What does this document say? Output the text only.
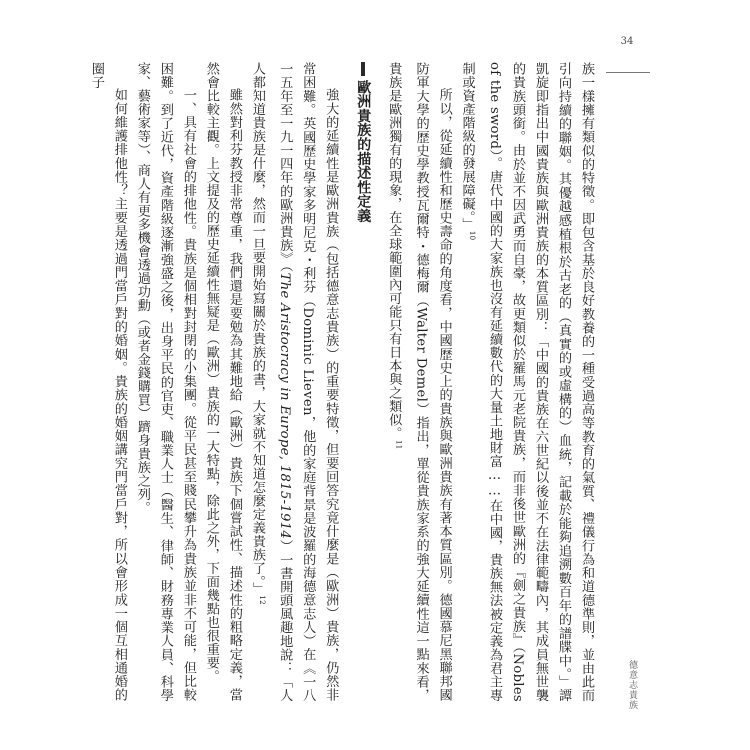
34
德意志貴族

族一樣擁有類似的特徵。即包含基於良好教養的一種受過高等教育的氣質、禮儀行為和道德準則，並由此而引向持續的聯姻。其優越感植根於古老的（真實的或虛構的）血統，記載於能夠追溯數百年的譜牒中。」譚凱旋即指出中國貴族與歐洲貴族的本質區別：「中國的貴族在六世紀以後並不在法律範疇內，其成員無世襲的貴族頭銜。由於並不因武勇而自豪，故更類似於羅馬元老院貴族，而非後世歐洲的『劍之貴族』（Nobles of the sword）。唐代中國的大家族也沒有延續數代的大量土地財富……在中國，貴族無法被定義為君主專制或資產階級的發展障礙。」$^{10}$

所以，從延續性和歷史壽命的角度看，中國歷史上的貴族與歐洲貴族有著本質區別。德國慕尼黑聯邦國防軍大學的歷史學教授瓦爾特・德梅爾（Walter Demel）指出，單從貴族家系的強大延續性這一點來看，貴族是歐洲獨有的現象，在全球範圍內可能只有日本與之類似。$^{11}$

歐洲貴族的描述性定義

強大的延續性是歐洲貴族（包括德意志貴族）的重要特徵，但要回答究竟什麼是（歐洲）貴族，仍然非常困難。英國歷史學家多明尼克・利芬（Dominic Lieven，他的家庭背景是波羅的海德意志人）在《一八一五年至一九一四年的歐洲貴族》（The Aristocracy in Europe, 1815-1914）一書開頭風趣地說：「人人都知道貴族是什麼，然而一旦要開始寫關於貴族的書，大家就不知道怎麼定義貴族了。」$^{12}$

雖然對利芬教授非常尊重，我們還是要勉為其難地給（歐洲）貴族下個嘗試性、描述性的粗略定義，當然會比較主觀。上文提及的歷史延續性無疑是（歐洲）貴族的一大特點，除此之外，下面幾點也很重要。

一、具有社會的排他性。貴族是個相對封閉的小集團。從平民甚至賤民攀升為貴族並非不可能，但比較困難。到了近代，資產階級逐漸強盛之後，出身平民的官吏、職業人士（醫生、律師、財務專業人員、科學家、藝術家等）、商人有更多機會透過功勳（或者金錢購買）躋身貴族之列。

如何維護排他性？主要是透過門當戶對的婚姻。貴族的婚姻講究門當戶對，所以會形成一個互相通婚的圈子
